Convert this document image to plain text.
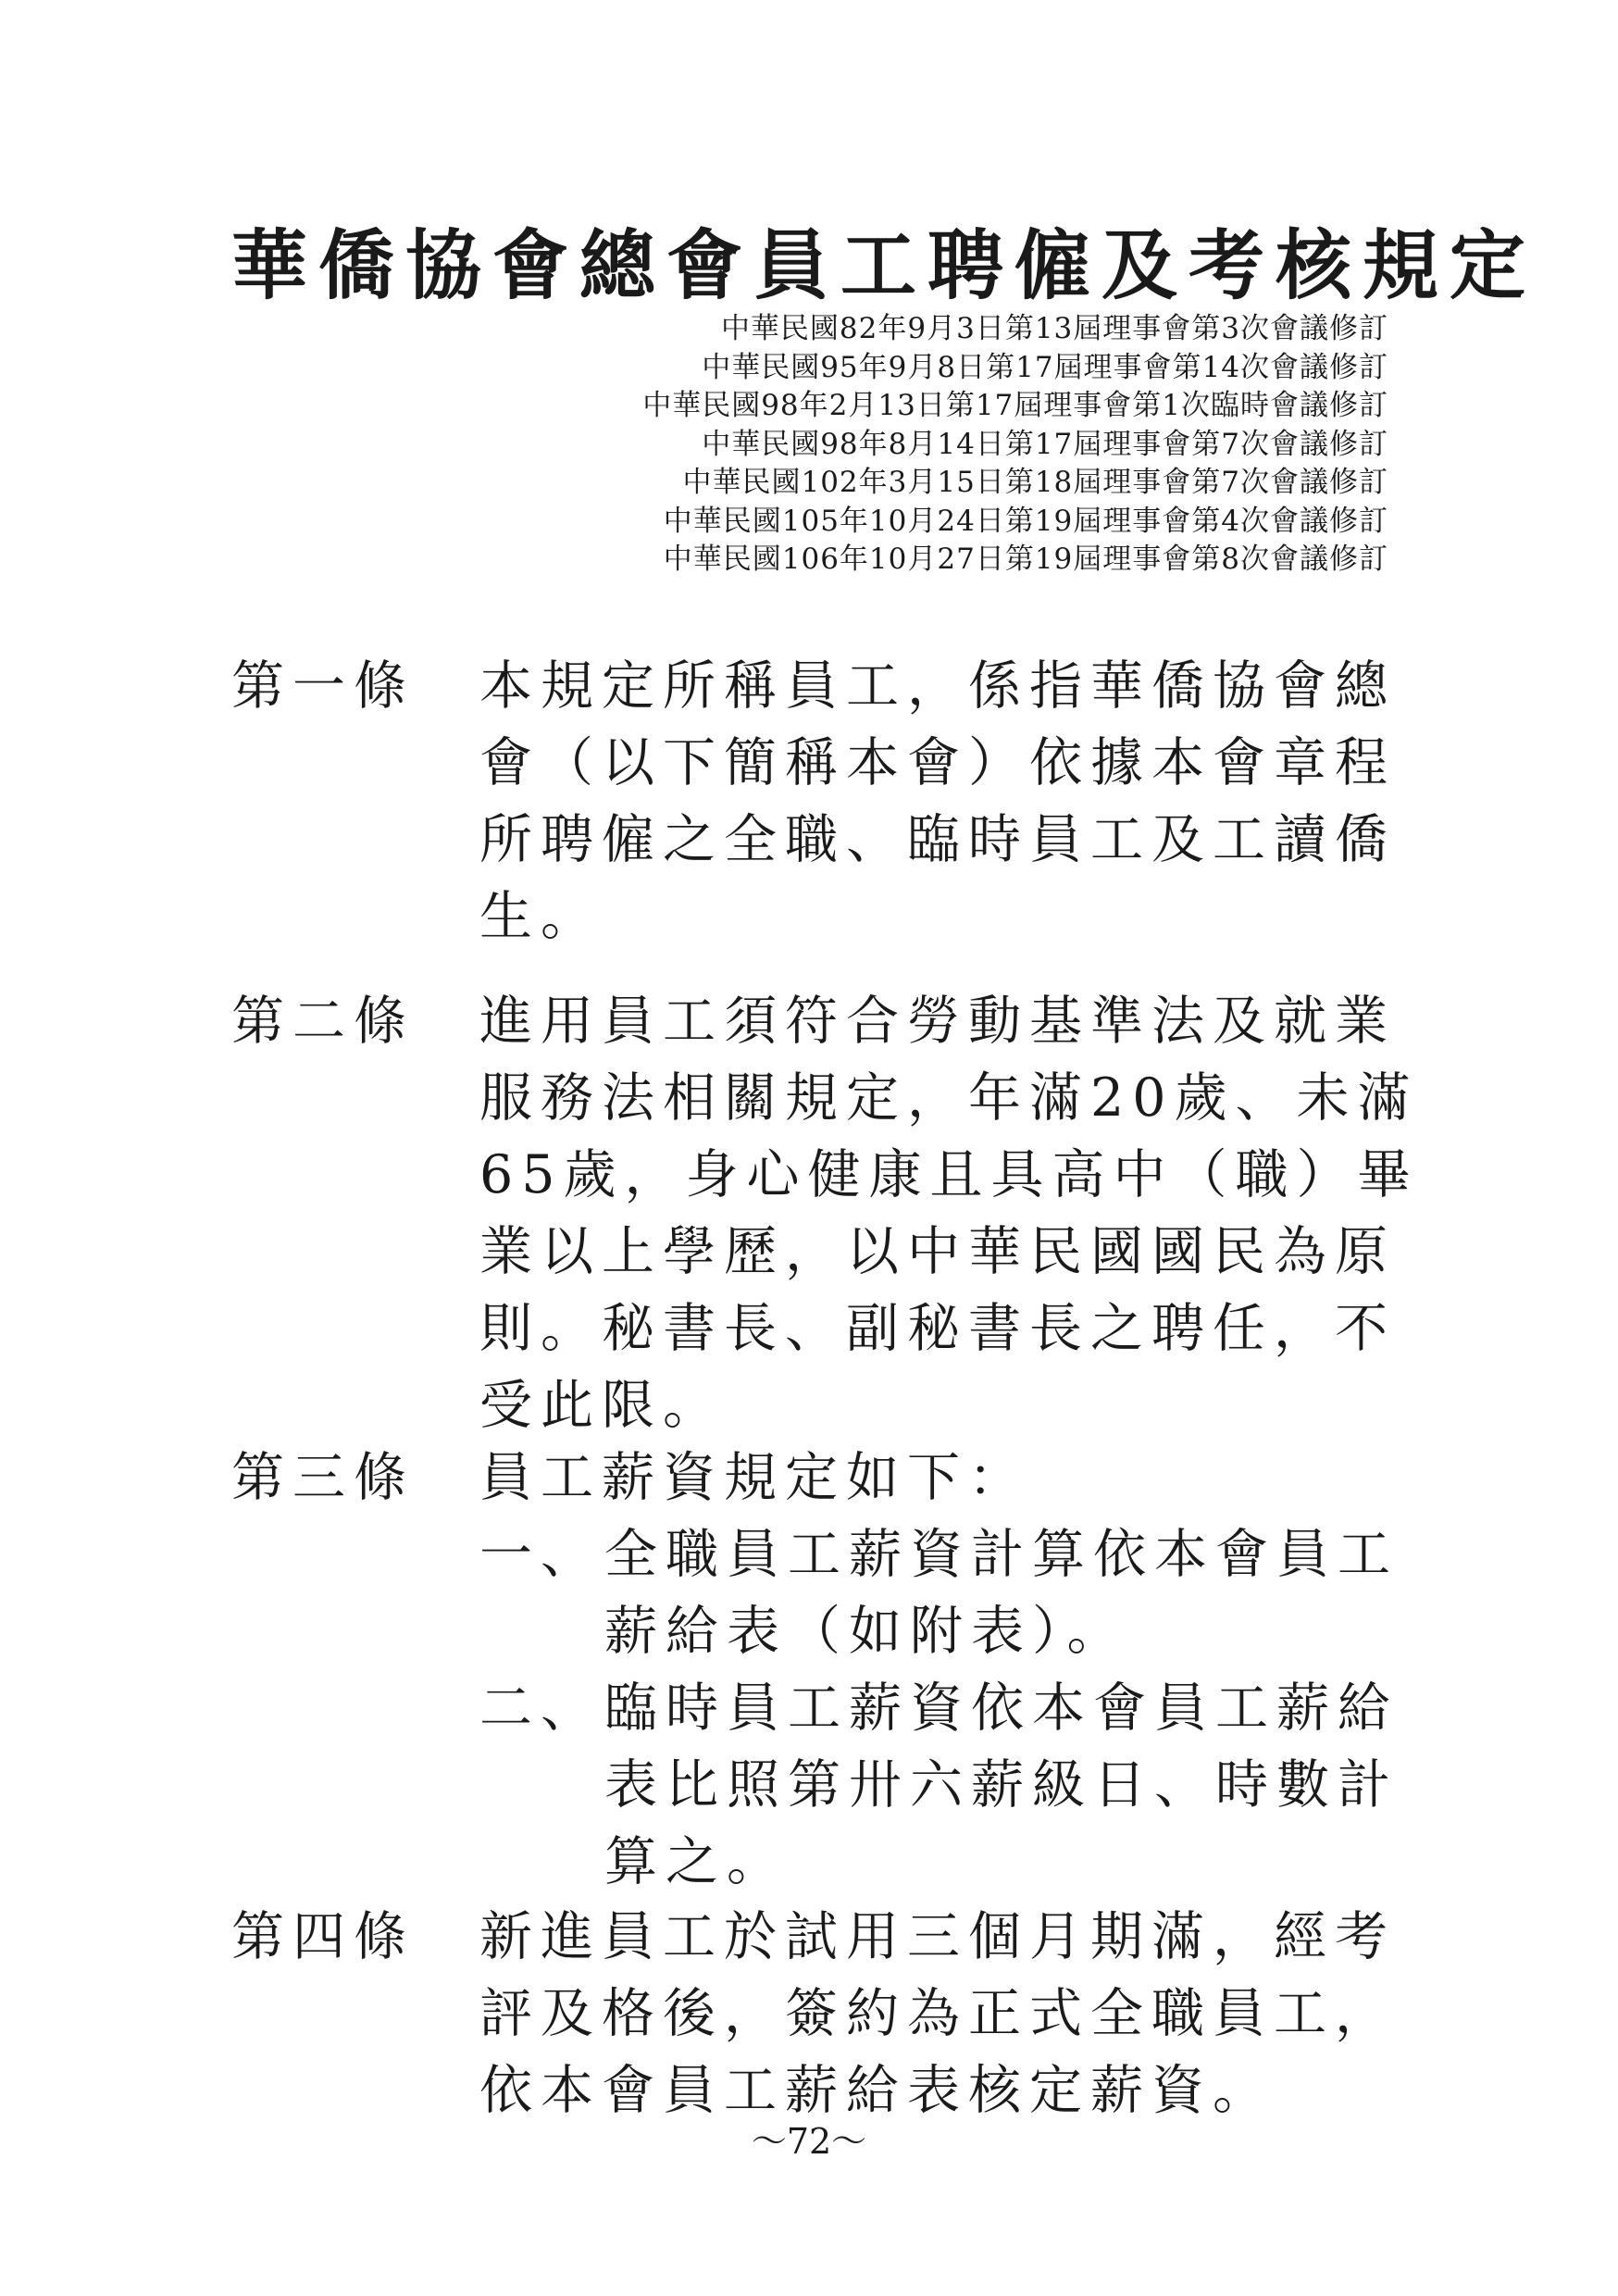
華僑協會總會員工聘僱及考核規定
中華民國82年9月3日第13屆理事會第3次會議修訂
中華民國95年9月8日第17屆理事會第14次會議修訂
中華民國98年2月13日第17屆理事會第1次臨時會議修訂
中華民國98年8月14日第17屆理事會第7次會議修訂
中華民國102年3月15日第18屆理事會第7次會議修訂
中華民國105年10月24日第19屆理事會第4次會議修訂
中華民國106年10月27日第19屆理事會第8次會議修訂
第一條 本規定所稱員工，係指華僑協會總
會（以下簡稱本會）依據本會章程
所聘僱之全職、臨時員工及工讀僑
生。
第二條 進用員工須符合勞動基準法及就業
服務法相關規定，年滿20歲、未滿
65歲，身心健康且具高中（職）畢
業以上學歷，以中華民國國民為原
則。秘書長、副秘書長之聘任，不
受此限。
第三條 員工薪資規定如下：
一、 全職員工薪資計算依本會員工
薪給表（如附表）。
二、 臨時員工薪資依本會員工薪給
表比照第卅六薪級日、時數計
算之。
第四條 新進員工於試用三個月期滿，經考
評及格後，簽約為正式全職員工，
依本會員工薪給表核定薪資。
〜72〜
